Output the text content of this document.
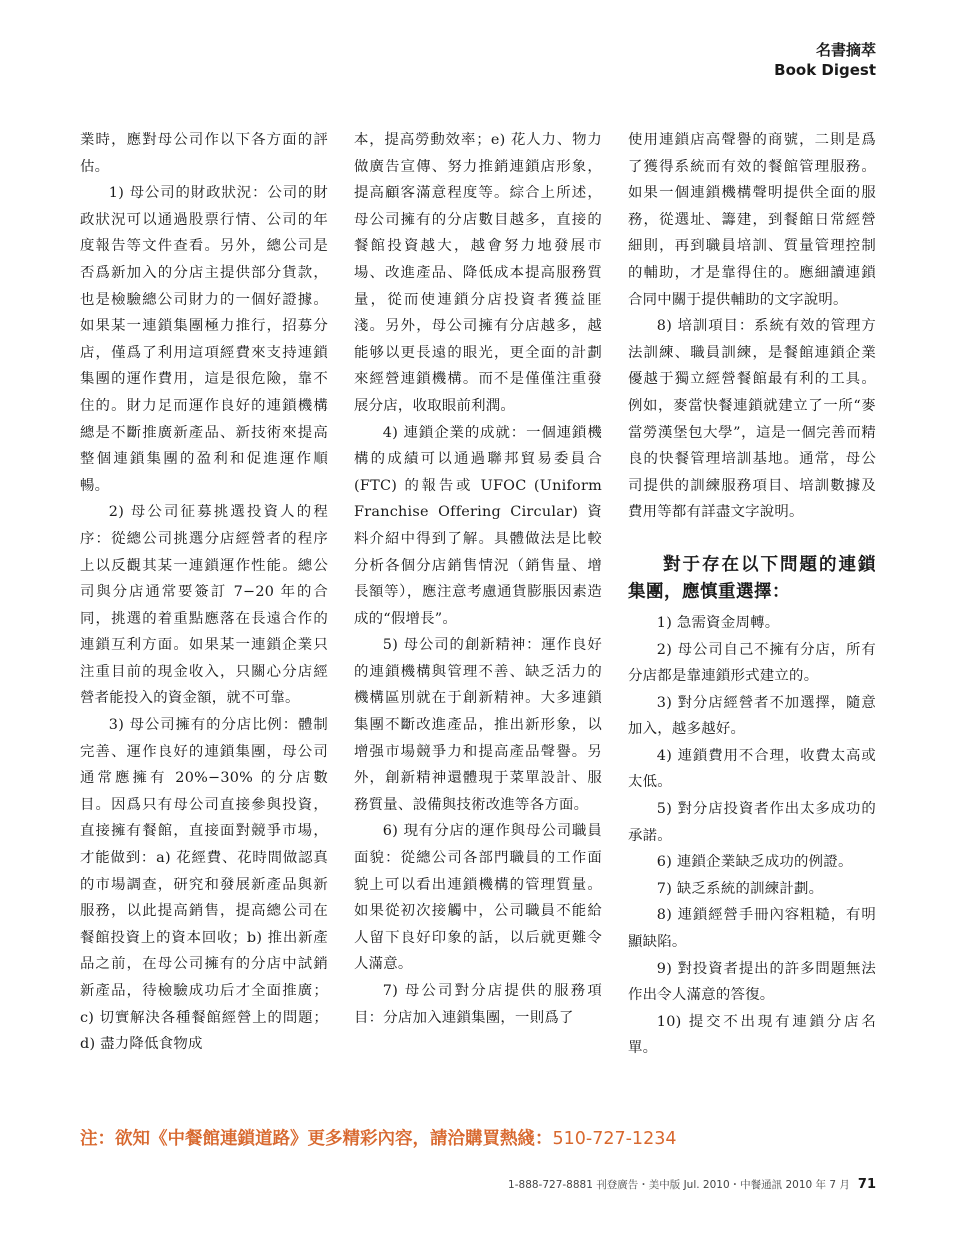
名書摘萃
Book Digest

業時，應對母公司作以下各方面的評估。

1) 母公司的財政狀況：公司的財政狀況可以通過股票行情、公司的年度報告等文件查看。另外，總公司是否爲新加入的分店主提供部分貨款，也是檢驗總公司財力的一個好證據。如果某一連鎖集團極力推行，招募分店，僅爲了利用這項經費來支持連鎖集團的運作費用，這是很危險，靠不住的。財力足而運作良好的連鎖機構總是不斷推廣新產品、新技術來提高整個連鎖集團的盈利和促進運作順暢。

2) 母公司征募挑選投資人的程序：從總公司挑選分店經營者的程序上以反觀其某一連鎖運作性能。總公司與分店通常要簽訂 7−20 年的合同，挑選的着重點應落在長遠合作的連鎖互利方面。如果某一連鎖企業只注重目前的現金收入，只關心分店經營者能投入的資金額，就不可靠。

3) 母公司擁有的分店比例：體制完善、運作良好的連鎖集團，母公司通常應擁有 20%−30% 的分店數目。因爲只有母公司直接參與投資，直接擁有餐館，直接面對競爭市場，才能做到：a) 花經費、花時間做認真的市場調查，研究和發展新產品與新服務，以此提高銷售，提高總公司在餐館投資上的資本回收；b) 推出新產品之前，在母公司擁有的分店中試銷新產品，待檢驗成功后才全面推廣；c) 切實解決各種餐館經營上的問題；d) 盡力降低食物成

本，提高勞動效率；e) 花人力、物力做廣告宣傳、努力推銷連鎖店形象，提高顧客滿意程度等。綜合上所述，母公司擁有的分店數目越多，直接的餐館投資越大，越會努力地發展市場、改進產品、降低成本提高服務質量，從而使連鎖分店投資者獲益匪淺。另外，母公司擁有分店越多，越能够以更長遠的眼光，更全面的計劃來經營連鎖機構。而不是僅僅注重發展分店，收取眼前利潤。

4) 連鎖企業的成就：一個連鎖機構的成績可以通過聯邦貿易委員合 (FTC) 的報告或 UFOC (Uniform Franchise Offering Circular) 資料介紹中得到了解。具體做法是比較分析各個分店銷售情況（銷售量、增長額等），應注意考慮通貨膨脹因素造成的“假增長”。

5) 母公司的創新精神：運作良好的連鎖機構與管理不善、缺乏活力的機構區別就在于創新精神。大多連鎖集團不斷改進產品，推出新形象，以增强市場競爭力和提高產品聲譽。另外，創新精神還體現于菜單設計、服務質量、設備與技術改進等各方面。

6) 現有分店的運作與母公司職員面貌：從總公司各部門職員的工作面貌上可以看出連鎖機構的管理質量。如果從初次接觸中，公司職員不能給人留下良好印象的話，以后就更難令人滿意。

7) 母公司對分店提供的服務項目：分店加入連鎖集團，一則爲了

使用連鎖店高聲譽的商號，二則是爲了獲得系統而有效的餐館管理服務。如果一個連鎖機構聲明提供全面的服務，從選址、籌建，到餐館日常經營細則，再到職員培訓、質量管理控制的輔助，才是靠得住的。應細讀連鎖合同中關于提供輔助的文字說明。

8) 培訓項目：系統有效的管理方法訓練、職員訓練，是餐館連鎖企業優越于獨立經營餐館最有利的工具。例如，麥當快餐連鎖就建立了一所“麥當勞漢堡包大學”，這是一個完善而精良的快餐管理培訓基地。通常，母公司提供的訓練服務項目、培訓數據及費用等都有詳盡文字說明。

對于存在以下問題的連鎖集團，應慎重選擇：

1) 急需資金周轉。

2) 母公司自己不擁有分店，所有分店都是靠連鎖形式建立的。

3) 對分店經營者不加選擇，隨意加入，越多越好。

4) 連鎖費用不合理，收費太高或太低。

5) 對分店投資者作出太多成功的承諾。

6) 連鎖企業缺乏成功的例證。

7) 缺乏系統的訓練計劃。

8) 連鎖經營手冊內容粗糙，有明顯缺陷。

9) 對投資者提出的許多問題無法作出令人滿意的答復。

10) 提交不出現有連鎖分店名單。

注：欲知《中餐館連鎖道路》更多精彩內容，請洽購買熱綫：510-727-1234
1-888-727-8881 刊登廣告・美中版 Jul. 2010・中餐通訊 2010 年 7 月 71
